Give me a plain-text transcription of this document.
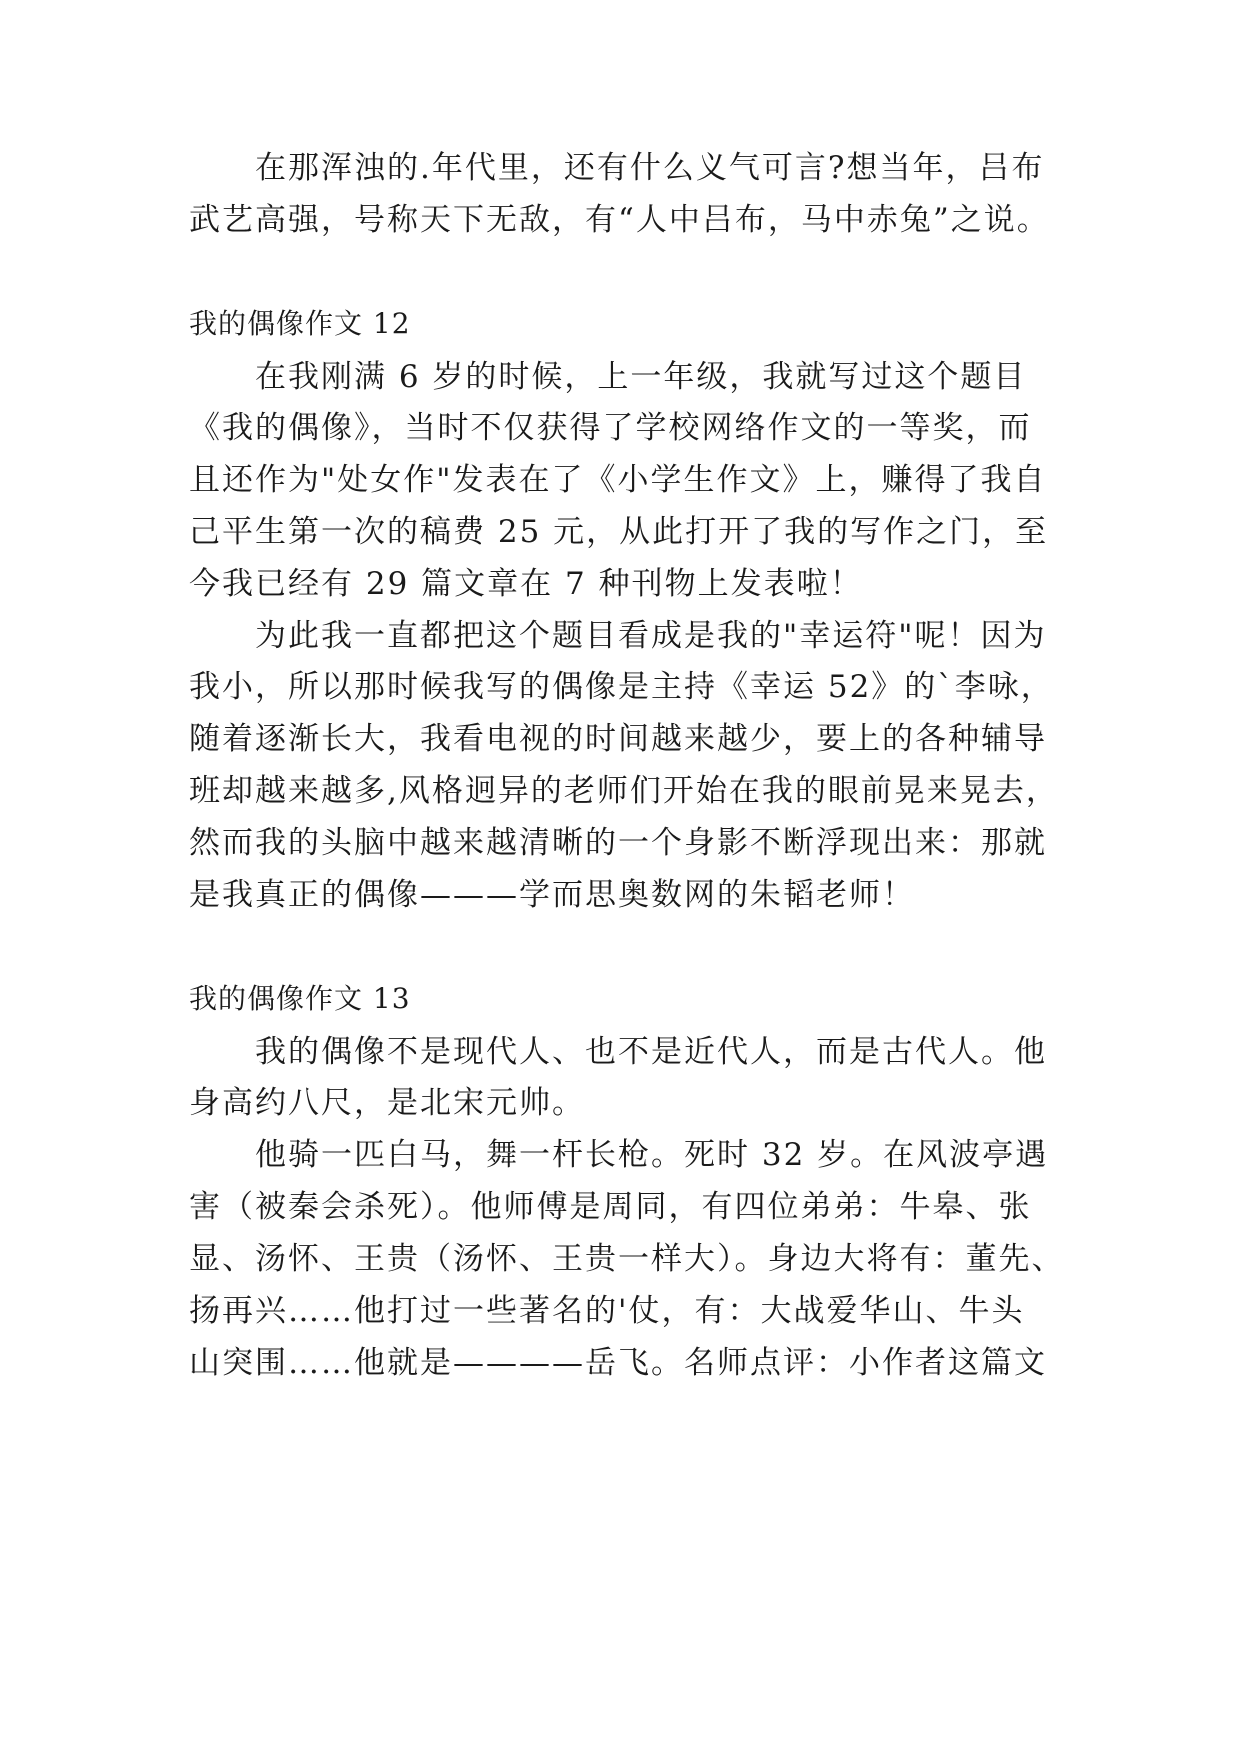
在那浑浊的.年代里，还有什么义气可言?想当年，吕布
武艺高强，号称天下无敌，有“人中吕布，马中赤兔”之说。
我的偶像作文 12
在我刚满 6 岁的时候，上一年级，我就写过这个题目
《我的偶像》，当时不仅获得了学校网络作文的一等奖，而
且还作为"处女作"发表在了《小学生作文》上，赚得了我自
己平生第一次的稿费 25 元，从此打开了我的写作之门，至
今我已经有 29 篇文章在 7 种刊物上发表啦！
为此我一直都把这个题目看成是我的"幸运符"呢！因为
我小，所以那时候我写的偶像是主持《幸运 52》的`李咏，
随着逐渐长大，我看电视的时间越来越少，要上的各种辅导
班却越来越多,风格迥异的老师们开始在我的眼前晃来晃去，
然而我的头脑中越来越清晰的一个身影不断浮现出来：那就
是我真正的偶像———学而思奥数网的朱韬老师！
我的偶像作文 13
我的偶像不是现代人、也不是近代人，而是古代人。他
身高约八尺，是北宋元帅。
他骑一匹白马，舞一杆长枪。死时 32 岁。在风波亭遇
害（被秦会杀死）。他师傅是周同，有四位弟弟：牛皋、张
显、汤怀、王贵（汤怀、王贵一样大）。身边大将有：董先、
扬再兴……他打过一些著名的'仗，有：大战爱华山、牛头
山突围……他就是————岳飞。名师点评：小作者这篇文
